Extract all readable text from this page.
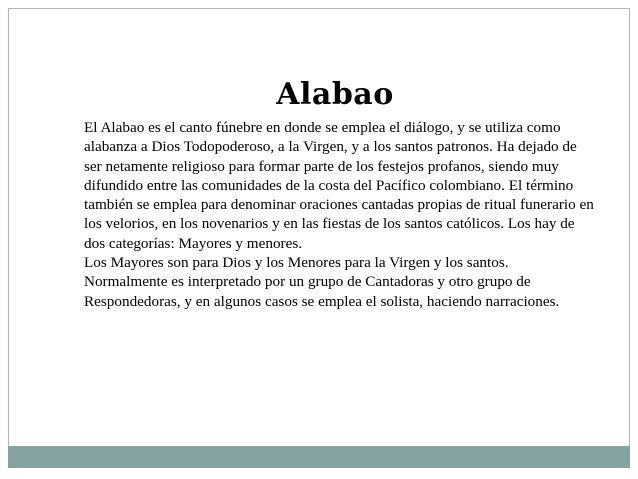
Alabao

El Alabao es el canto fúnebre en donde se emplea el diálogo, y se utiliza como alabanza a Dios Todopoderoso, a la Virgen, y a los santos patronos. Ha dejado de ser netamente religioso para formar parte de los festejos profanos, siendo muy difundido entre las comunidades de la costa del Pacífico colombiano. El término también se emplea para denominar oraciones cantadas propias de ritual funerario en los velorios, en los novenarios y en las fiestas de los santos católicos. Los hay de dos categorías: Mayores y menores.

Los Mayores son para Dios y los Menores para la Virgen y los santos. Normalmente es interpretado por un grupo de Cantadoras y otro grupo de Respondedoras, y en algunos casos se emplea el solista, haciendo narraciones.
